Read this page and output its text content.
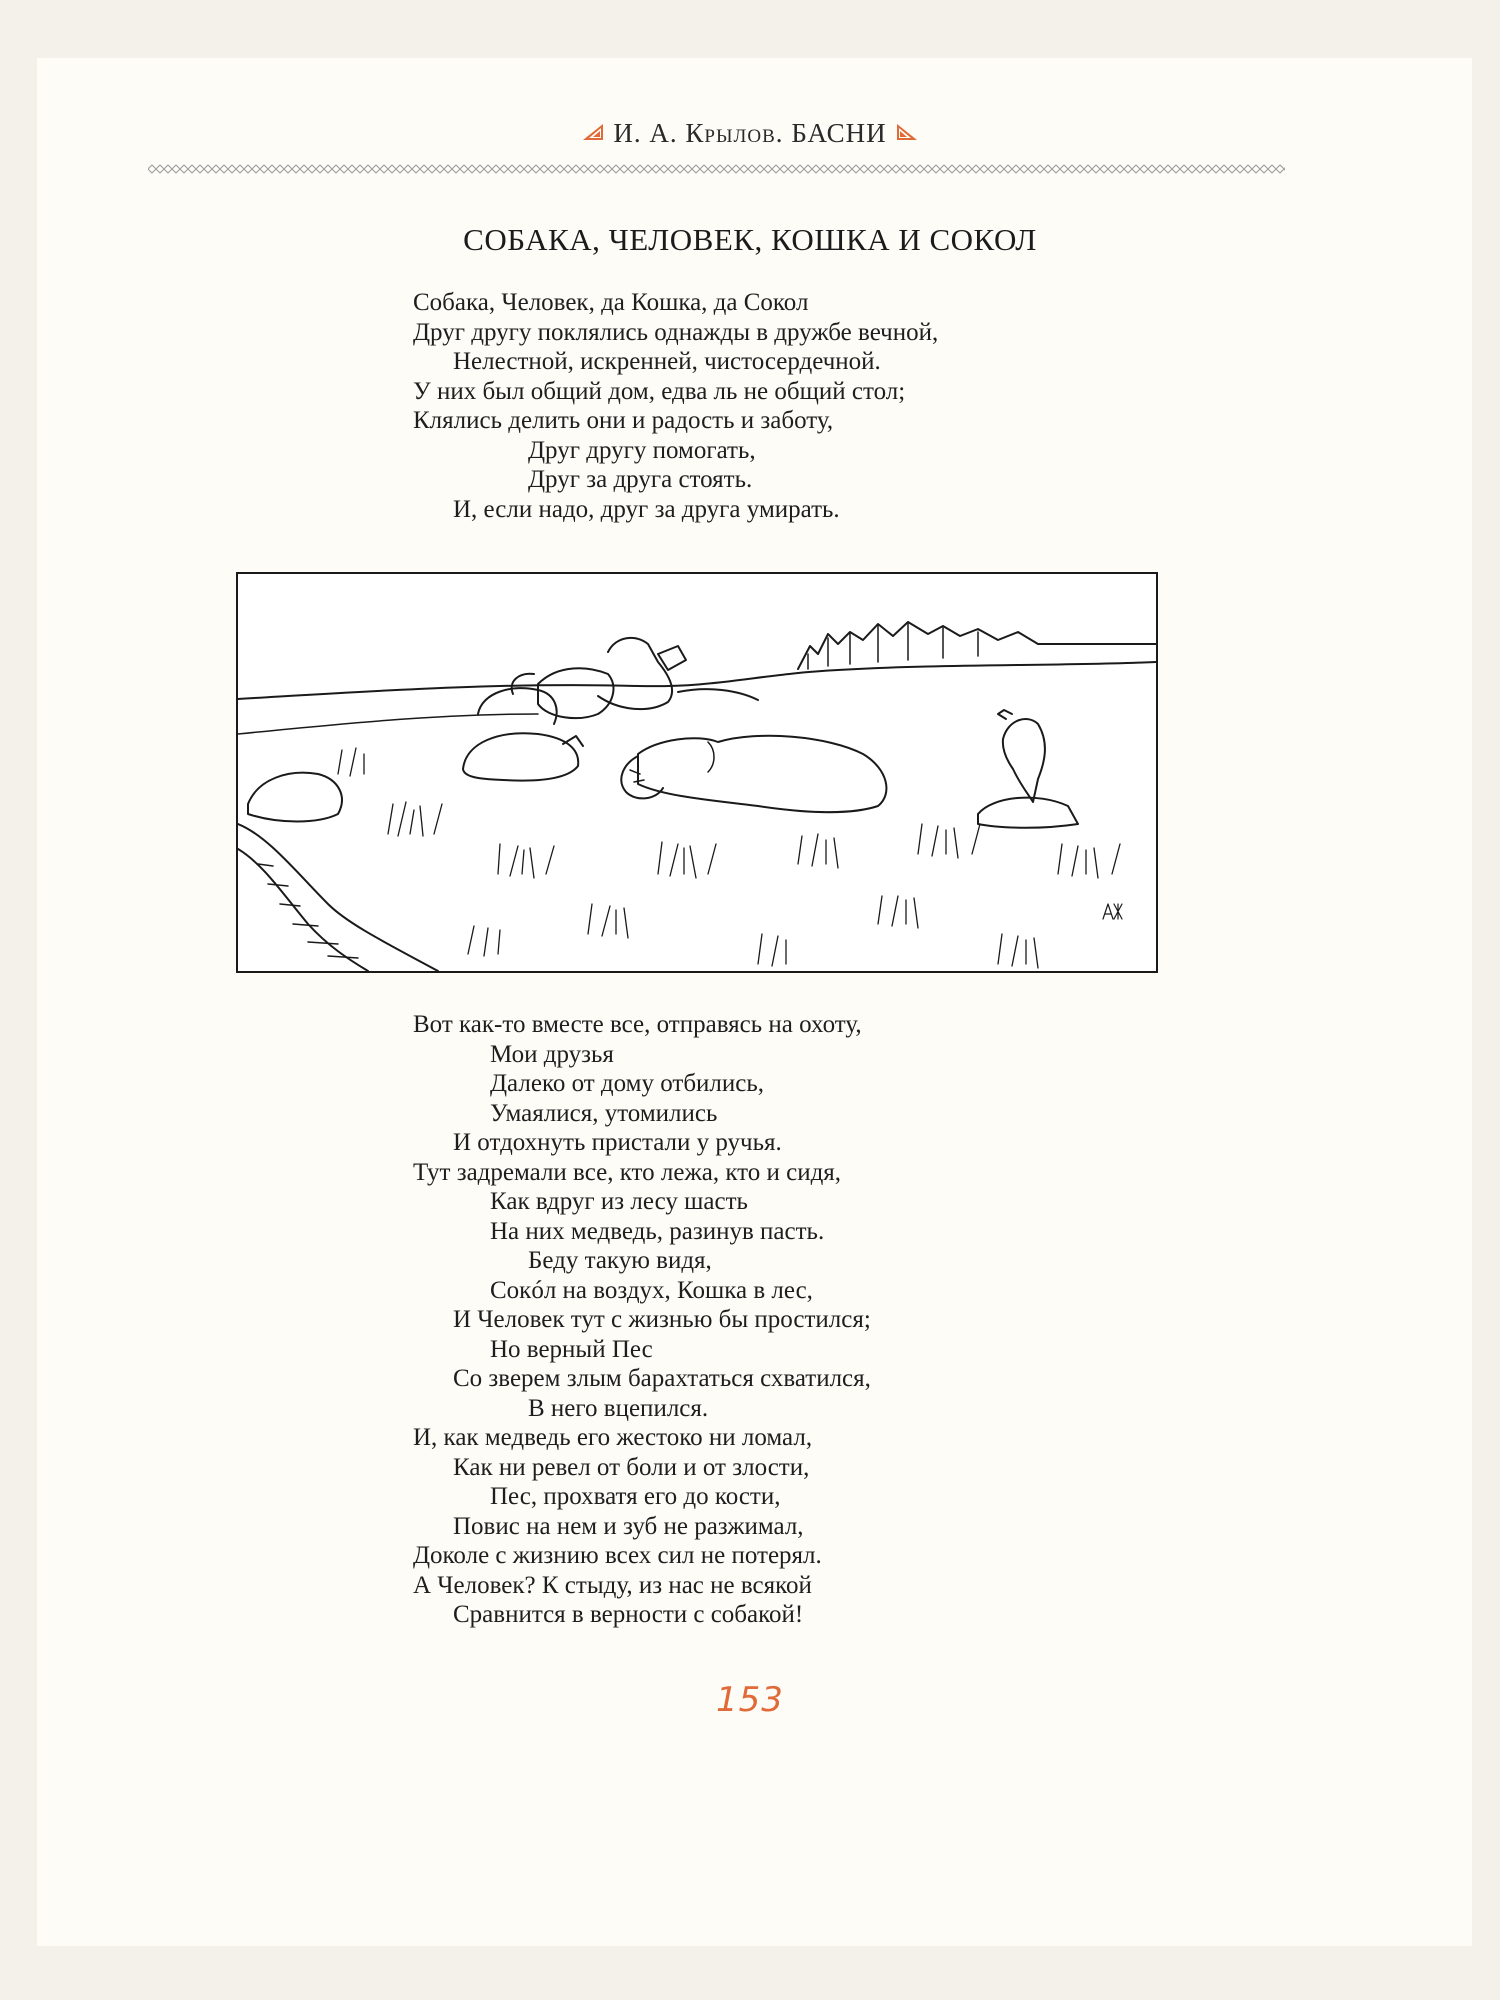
И. А. Крылов. БАСНИ
СОБАКА, ЧЕЛОВЕК, КОШКА И СОКОЛ
Собака, Человек, да Кошка, да Сокол
Друг другу поклялись однажды в дружбе вечной,
Нелестной, искренней, чистосердечной.
У них был общий дом, едва ль не общий стол;
Клялись делить они и радость и заботу,
Друг другу помогать,
Друг за друга стоять.
И, если надо, друг за друга умирать.
Вот как-то вместе все, отправясь на охоту,
Мои друзья
Далеко от дому отбились,
Умаялися, утомились
И отдохнуть пристали у ручья.
Тут задремали все, кто лежа, кто и сидя,
Как вдруг из лесу шасть
На них медведь, разинув пасть.
Беду такую видя,
Сокóл на воздух, Кошка в лес,
И Человек тут с жизнью бы простился;
Но верный Пес
Со зверем злым барахтаться схватился,
В него вцепился.
И, как медведь его жестоко ни ломал,
Как ни ревел от боли и от злости,
Пес, прохватя его до кости,
Повис на нем и зуб не разжимал,
Доколе с жизнию всех сил не потерял.
А Человек? К стыду, из нас не всякой
Сравнится в верности с собакой!
153
